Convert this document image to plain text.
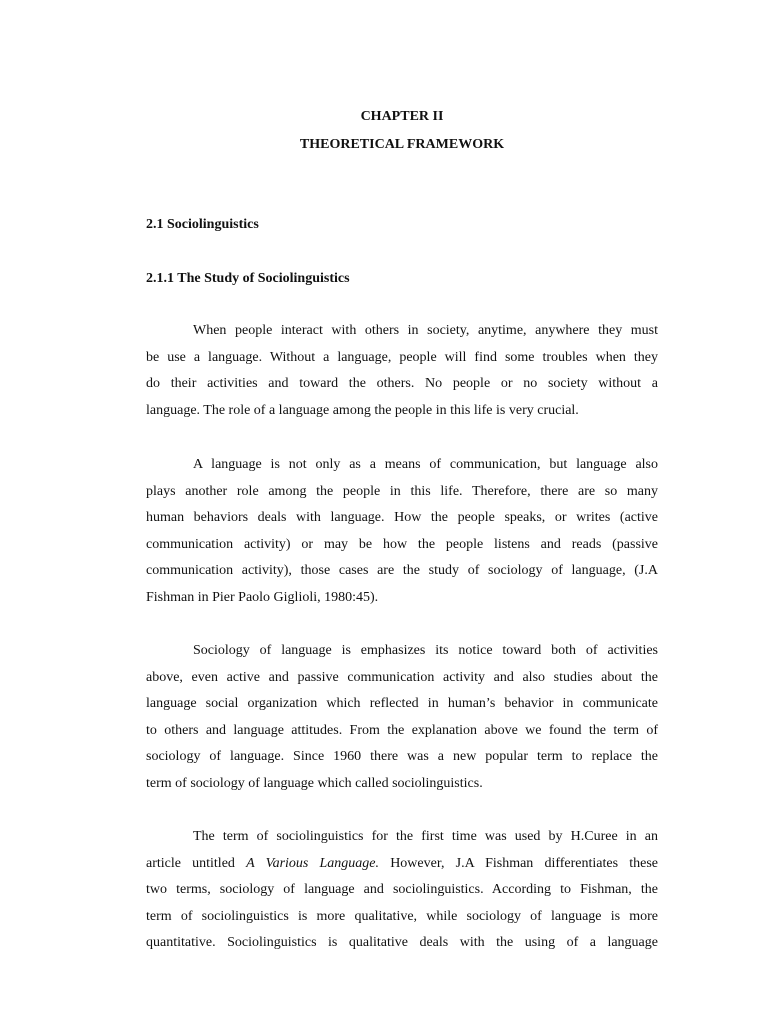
CHAPTER II
THEORETICAL FRAMEWORK
2.1 Sociolinguistics
2.1.1 The Study of Sociolinguistics
When people interact with others in society, anytime, anywhere they must
be use a language. Without a language, people will find some troubles when they
do their activities and toward the others. No people or no society without a
language. The role of a language among the people in this life is very crucial.
A language is not only as a means of communication, but language also
plays another role among the people in this life. Therefore, there are so many
human behaviors deals with language. How the people speaks, or writes (active
communication activity) or may be how the people listens and reads (passive
communication activity), those cases are the study of sociology of language, (J.A
Fishman in Pier Paolo Giglioli, 1980:45).
Sociology of language is emphasizes its notice toward both of activities
above, even active and passive communication activity and also studies about the
language social organization which reflected in human’s behavior in communicate
to others and language attitudes. From the explanation above we found the term of
sociology of language. Since 1960 there was a new popular term to replace the
term of sociology of language which called sociolinguistics.
The term of sociolinguistics for the first time was used by H.Curee in an
article untitled A Various Language. However, J.A Fishman differentiates these
two terms, sociology of language and sociolinguistics. According to Fishman, the
term of sociolinguistics is more qualitative, while sociology of language is more
quantitative. Sociolinguistics is qualitative deals with the using of a language
